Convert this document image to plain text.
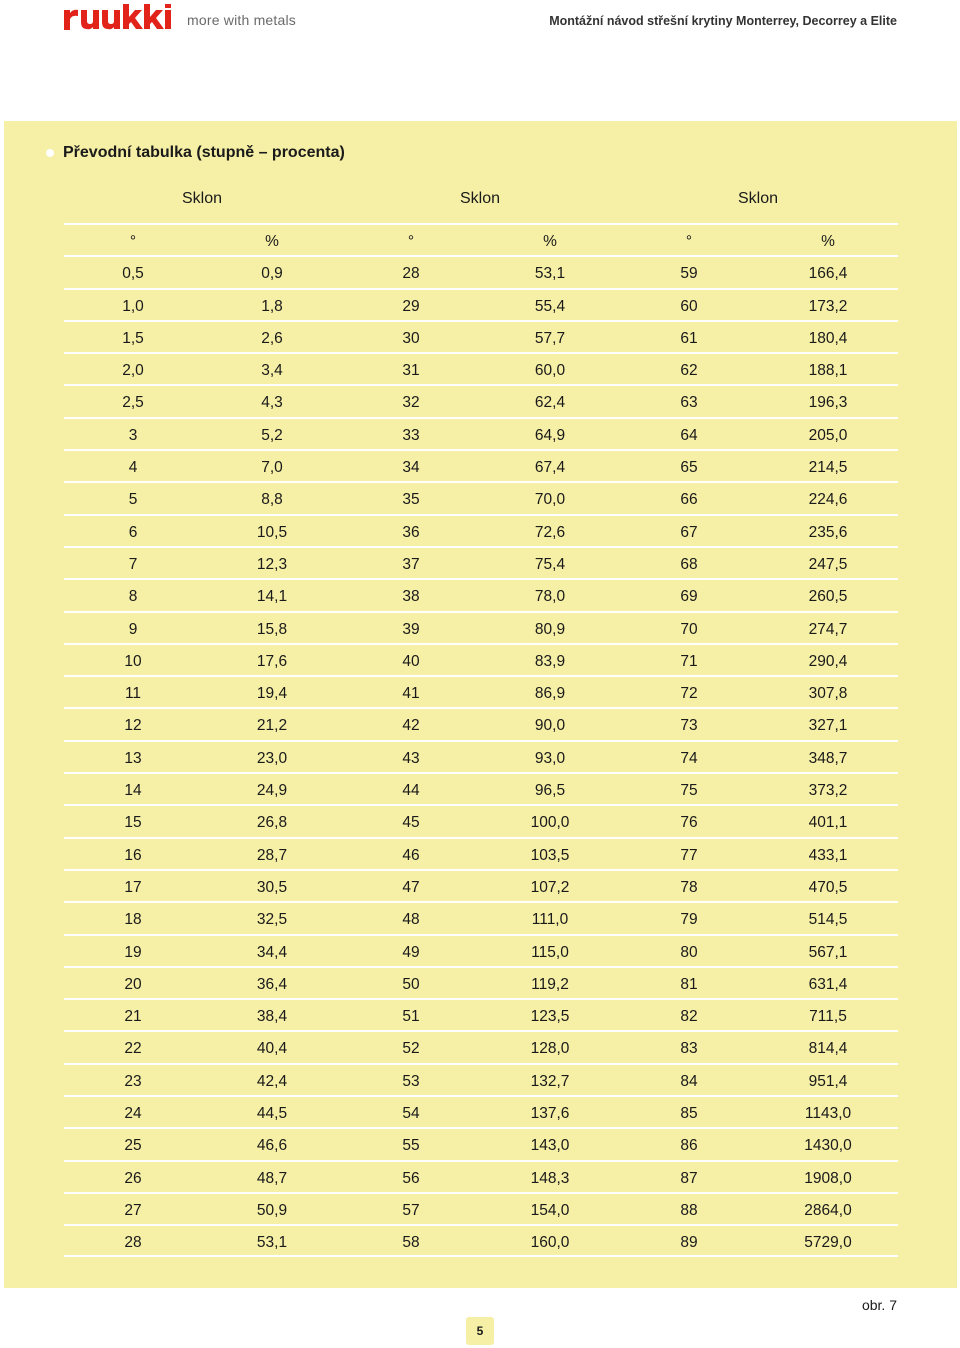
more with metals	Montážní návod střešní krytiny Monterrey, Decorrey a Elite
Převodní tabulka (stupně – procenta)
Sklon	Sklon	Sklon
°	%	°	%	°	%
0,5	0,9	28	53,1	59	166,4
1,0	1,8	29	55,4	60	173,2
1,5	2,6	30	57,7	61	180,4
2,0	3,4	31	60,0	62	188,1
2,5	4,3	32	62,4	63	196,3
3	5,2	33	64,9	64	205,0
4	7,0	34	67,4	65	214,5
5	8,8	35	70,0	66	224,6
6	10,5	36	72,6	67	235,6
7	12,3	37	75,4	68	247,5
8	14,1	38	78,0	69	260,5
9	15,8	39	80,9	70	274,7
10	17,6	40	83,9	71	290,4
11	19,4	41	86,9	72	307,8
12	21,2	42	90,0	73	327,1
13	23,0	43	93,0	74	348,7
14	24,9	44	96,5	75	373,2
15	26,8	45	100,0	76	401,1
16	28,7	46	103,5	77	433,1
17	30,5	47	107,2	78	470,5
18	32,5	48	111,0	79	514,5
19	34,4	49	115,0	80	567,1
20	36,4	50	119,2	81	631,4
21	38,4	51	123,5	82	711,5
22	40,4	52	128,0	83	814,4
23	42,4	53	132,7	84	951,4
24	44,5	54	137,6	85	1143,0
25	46,6	55	143,0	86	1430,0
26	48,7	56	148,3	87	1908,0
27	50,9	57	154,0	88	2864,0
28	53,1	58	160,0	89	5729,0
obr. 7
5
